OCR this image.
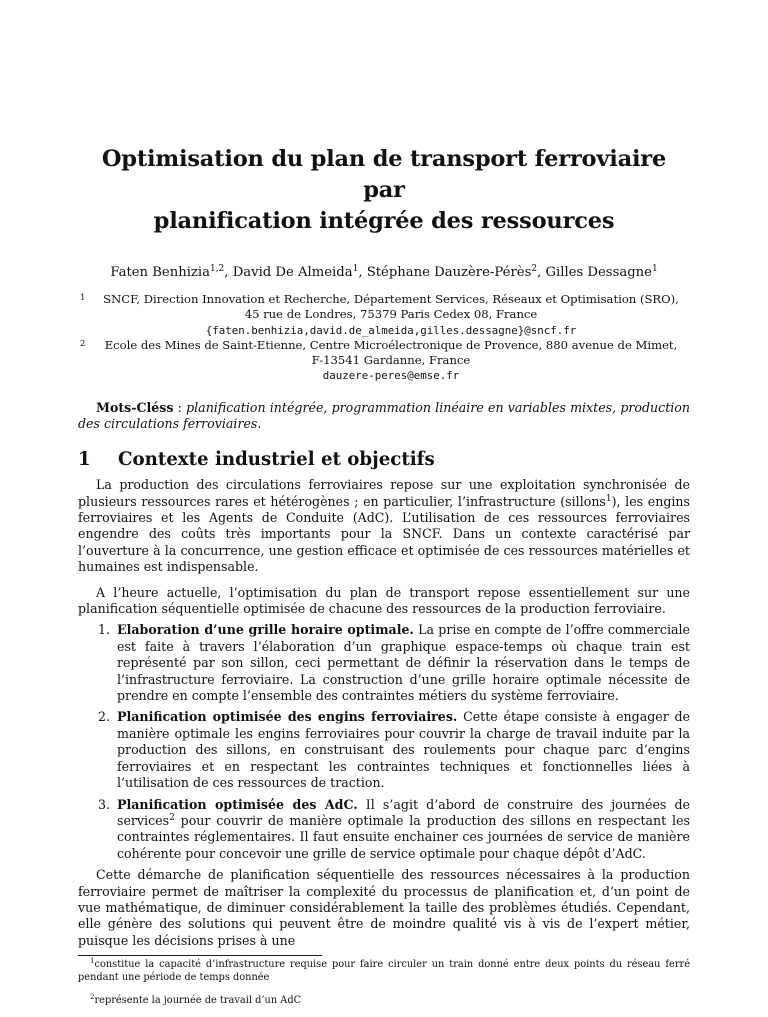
Optimisation du plan de transport ferroviaire par
planification intégrée des ressources
Faten Benhizia$^{1,2}$, David De Almeida$^1$, Stéphane Dauzère-Pérès$^2$, Gilles Dessagne$^1$
1	SNCF, Direction Innovation et Recherche, Département Services, Réseaux et Optimisation (SRO), 45 rue de Londres, 75379 Paris Cedex 08, France
{faten.benhizia,david.de_almeida,gilles.dessagne}@sncf.fr
2	Ecole des Mines de Saint-Etienne, Centre Microélectronique de Provence, 880 avenue de Mimet, F-13541 Gardanne, France
dauzere-peres@emse.fr

Mots-Cléss : planification intégrée, programmation linéaire en variables mixtes, production des circulations ferroviaires.

1	Contexte industriel et objectifs

La production des circulations ferroviaires repose sur une exploitation synchronisée de plusieurs ressources rares et hétérogènes ; en particulier, l’infrastructure (sillons$^1$), les engins ferroviaires et les Agents de Conduite (AdC). L’utilisation de ces ressources ferroviaires engendre des coûts très importants pour la SNCF. Dans un contexte caractérisé par l’ouverture à la concurrence, une gestion efficace et optimisée de ces ressources matérielles et humaines est indispensable.

A l’heure actuelle, l’optimisation du plan de transport repose essentiellement sur une planification séquentielle optimisée de chacune des ressources de la production ferroviaire.

1. Elaboration d’une grille horaire optimale. La prise en compte de l’offre commerciale est faite à travers l’élaboration d’un graphique espace-temps où chaque train est représenté par son sillon, ceci permettant de définir la réservation dans le temps de l’infrastructure ferroviaire. La construction d’une grille horaire optimale nécessite de prendre en compte l’ensemble des contraintes métiers du système ferroviaire.
2. Planification optimisée des engins ferroviaires. Cette étape consiste à engager de manière optimale les engins ferroviaires pour couvrir la charge de travail induite par la production des sillons, en construisant des roulements pour chaque parc d’engins ferroviaires et en respectant les contraintes techniques et fonctionnelles liées à l’utilisation de ces ressources de traction.
3. Planification optimisée des AdC. Il s’agit d’abord de construire des journées de services$^2$ pour couvrir de manière optimale la production des sillons en respectant les contraintes réglementaires. Il faut ensuite enchainer ces journées de service de manière cohérente pour concevoir une grille de service optimale pour chaque dépôt d’AdC.

Cette démarche de planification séquentielle des ressources nécessaires à la production ferroviaire permet de maîtriser la complexité du processus de planification et, d’un point de vue mathématique, de diminuer considérablement la taille des problèmes étudiés. Cependant, elle génère des solutions qui peuvent être de moindre qualité vis à vis de l’expert métier, puisque les décisions prises à une

$^1$constitue la capacité d’infrastructure requise pour faire circuler un train donné entre deux points du réseau ferré pendant une période de temps donnée

$^2$représente la journée de travail d’un AdC
